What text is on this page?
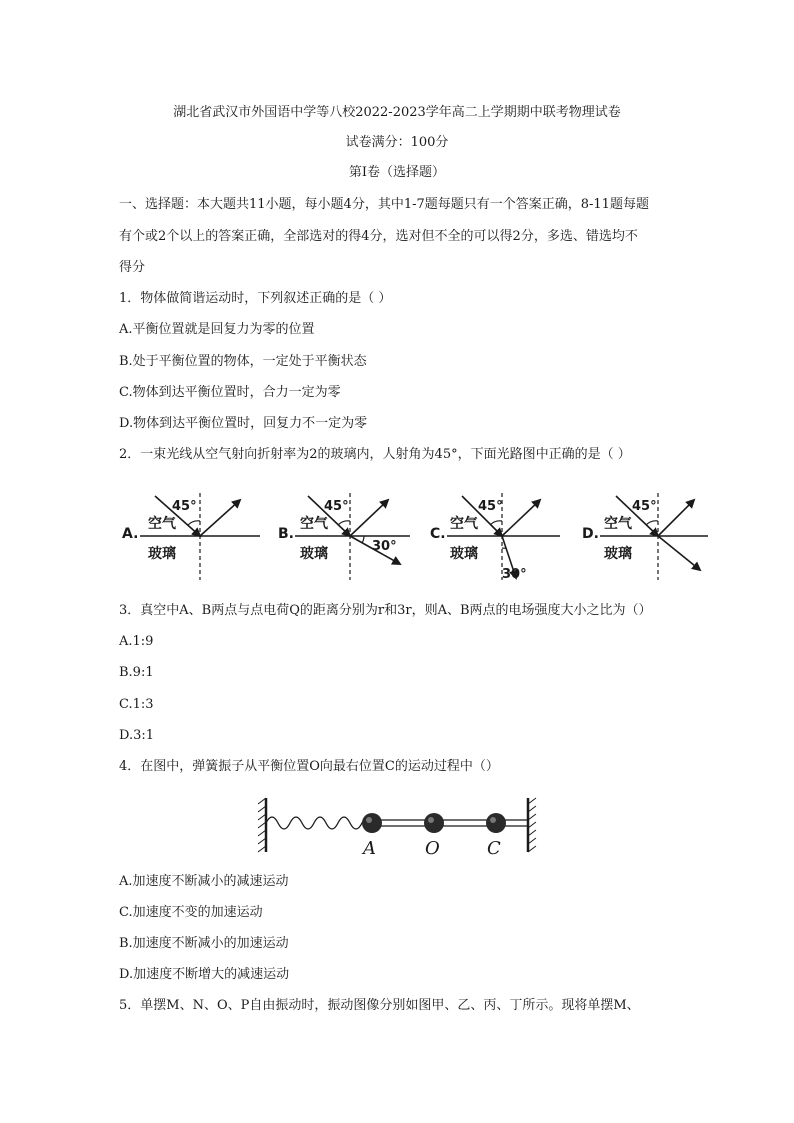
湖北省武汉市外国语中学等八校2022-2023学年高二上学期期中联考物理试卷
试卷满分：100分
第Ⅰ卷（选择题）
一、选择题：本大题共11小题，每小题4分，其中1-7题每题只有一个答案正确，8-11题每题
有个或2个以上的答案正确，全部选对的得4分，选对但不全的可以得2分，多选、错选均不
得分
1．物体做简谐运动时，下列叙述正确的是（ ）
A.平衡位置就是回复力为零的位置
B.处于平衡位置的物体，一定处于平衡状态
C.物体到达平衡位置时，合力一定为零
D.物体到达平衡位置时，回复力不一定为零
2．一束光线从空气射向折射率为2的玻璃内，人射角为45°，下面光路图中正确的是（ ）
A.
45°
空气
玻璃
B.
45°
30°
空气
玻璃
C.
45°
30°
空气
玻璃
D.
45°
空气
玻璃
3．真空中A、B两点与点电荷Q的距离分别为r和3r，则A、B两点的电场强度大小之比为（）
A.1:9
B.9:1
C.1:3
D.3:1
4．在图中，弹簧振子从平衡位置O向最右位置C的运动过程中（）
A	O	C
A.加速度不断减小的减速运动
C.加速度不变的加速运动
B.加速度不断减小的加速运动
D.加速度不断增大的减速运动
5．单摆M、N、O、P自由振动时，振动图像分别如图甲、乙、丙、丁所示。现将单摆M、
